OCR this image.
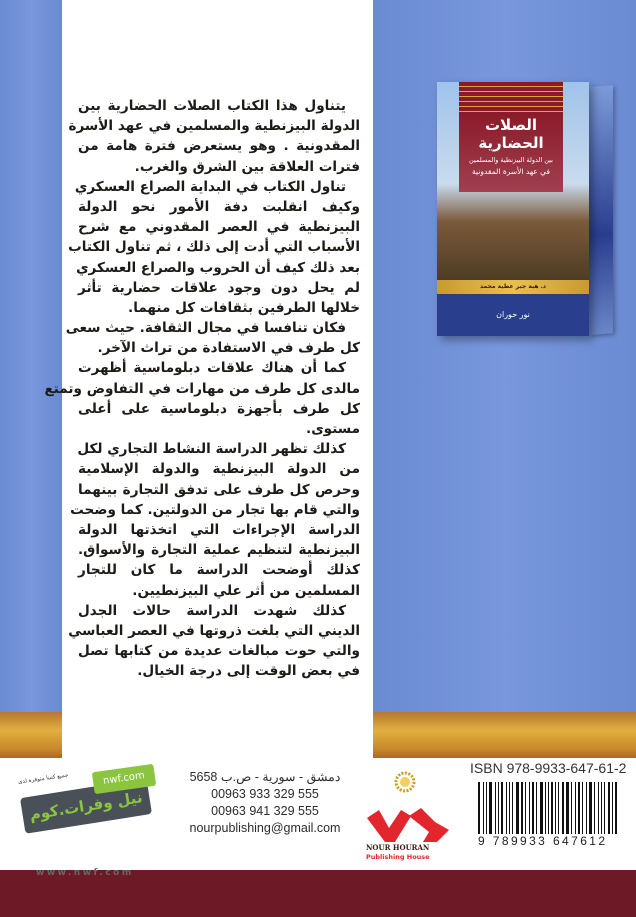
يتناول هذا الكتاب الصلات الحضارية بين
الدولة البيزنطية والمسلمين في عهد الأسرة
المقدونية . وهو يستعرض فترة هامة من
فترات العلاقة بين الشرق والغرب.
تناول الكتاب في البداية الصراع العسكري
وكيف انقلبت دفة الأمور نحو الدولة
البيزنطية في العصر المقدوني مع شرح
الأسباب التي أدت إلى ذلك ، ثم تناول الكتاب
بعد ذلك كيف أن الحروب والصراع العسكري
لم يحل دون وجود علاقات حضارية تأثر
خلالها الطرفين بثقافات كل منهما.
فكان تنافسا في مجال الثقافة. حيث سعى
كل طرف في الاستفادة من تراث الآخر.
كما أن هناك علاقات دبلوماسية أظهرت
مالدى كل طرف من مهارات في التفاوض وتمتع
كل طرف بأجهزة دبلوماسية على أعلى
مستوى.
كذلك تظهر الدراسة النشاط التجاري لكل
من الدولة البيزنطية والدولة الإسلامية
وحرص كل طرف على تدفق التجارة بينهما
والتي قام بها تجار من الدولتين. كما وضحت
الدراسة الإجراءات التي اتخذتها الدولة
البيزنطية لتنظيم عملية التجارة والأسواق.
كذلك أوضحت الدراسة ما كان للتجار
المسلمين من أثر علي البيزنطيين.
كذلك شهدت الدراسة حالات الجدل
الديني التي بلغت ذروتها في العصر العباسي
والتي حوت مبالغات عديدة من كتابها تصل
في بعض الوقت إلى درجة الخيال.
الصلات الحضارية
بين الدولة البيزنطية والمسلمين
في عهد الأسرة المقدونية
د. هبة جبر عطية محمد
نور حوران
ISBN 978-9933-647-61-2
9 789933 647612
NOUR HOURAN
Publishing House
دمشق - سورية - ص.ب 5658
00963 933 329 555
00963 941 329 555
nourpublishing@gmail.com
جميع كتبنا متوفرة لدى
نيل وفرات.كوم
nwf.com
www.nwf.com
